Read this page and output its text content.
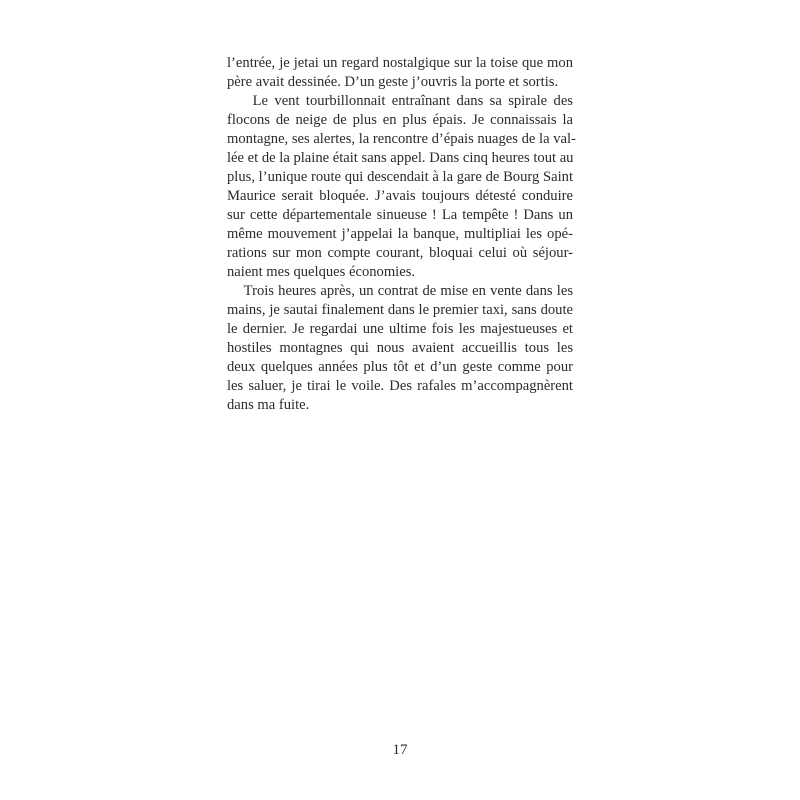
l’entrée, je jetai un regard nostalgique sur la toise que mon
père avait dessinée. D’un geste j’ouvris la porte et sortis.
Le vent tourbillonnait entraînant dans sa spirale des
flocons de neige de plus en plus épais. Je connaissais la
montagne, ses alertes, la rencontre d’épais nuages de la val-
lée et de la plaine était sans appel. Dans cinq heures tout au
plus, l’unique route qui descendait à la gare de Bourg Saint
Maurice serait bloquée. J’avais toujours détesté conduire
sur cette départementale sinueuse ! La tempête ! Dans un
même mouvement j’appelai la banque, multipliai les opé-
rations sur mon compte courant, bloquai celui où séjour-
naient mes quelques économies.
Trois heures après, un contrat de mise en vente dans les
mains, je sautai finalement dans le premier taxi, sans doute
le dernier. Je regardai une ultime fois les majestueuses et
hostiles montagnes qui nous avaient accueillis tous les
deux quelques années plus tôt et d’un geste comme pour
les saluer, je tirai le voile. Des rafales m’accompagnèrent
dans ma fuite.
17
